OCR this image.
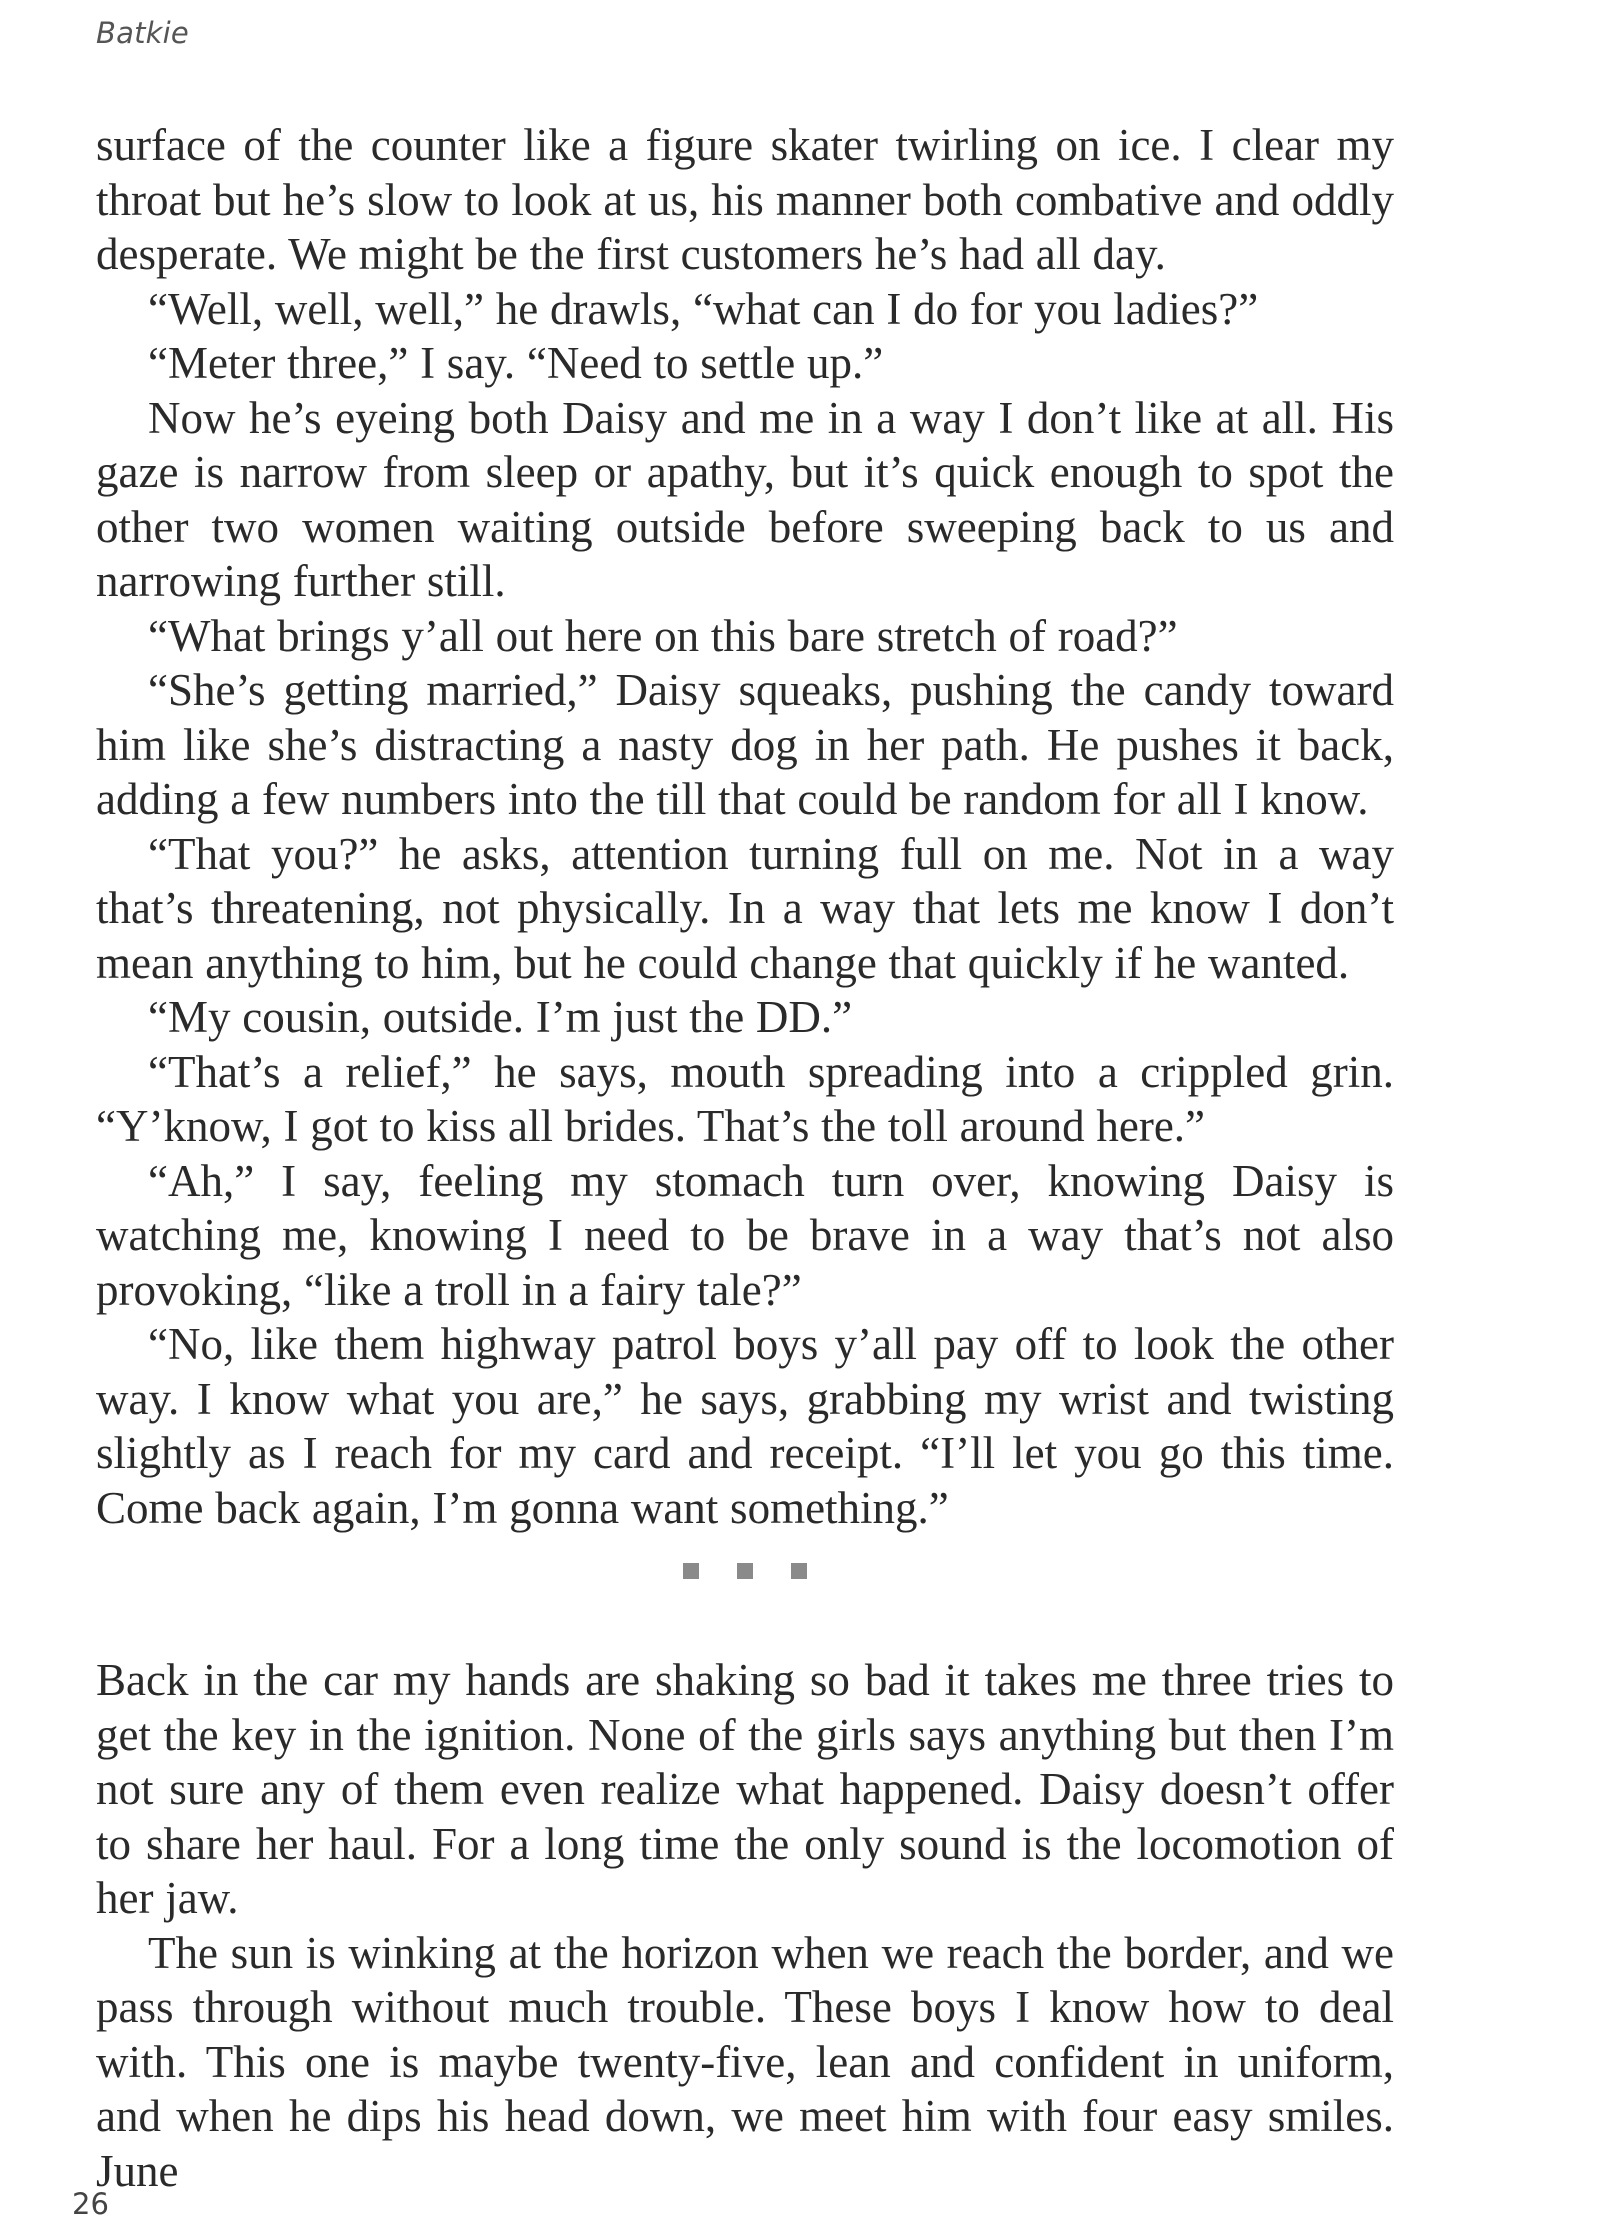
Batkie

surface of the counter like a figure skater twirling on ice. I clear my throat but he’s slow to look at us, his manner both combative and oddly desperate. We might be the first customers he’s had all day.

“Well, well, well,” he drawls, “what can I do for you ladies?”

“Meter three,” I say. “Need to settle up.”

Now he’s eyeing both Daisy and me in a way I don’t like at all. His gaze is narrow from sleep or apathy, but it’s quick enough to spot the other two women waiting outside before sweeping back to us and narrowing further still.

“What brings y’all out here on this bare stretch of road?”

“She’s getting married,” Daisy squeaks, pushing the candy toward him like she’s distracting a nasty dog in her path. He pushes it back, adding a few numbers into the till that could be random for all I know.

“That you?” he asks, attention turning full on me. Not in a way that’s threatening, not physically. In a way that lets me know I don’t mean anything to him, but he could change that quickly if he wanted.

“My cousin, outside. I’m just the DD.”

“That’s a relief,” he says, mouth spreading into a crippled grin. “Y’know, I got to kiss all brides. That’s the toll around here.”

“Ah,” I say, feeling my stomach turn over, knowing Daisy is watching me, knowing I need to be brave in a way that’s not also provoking, “like a troll in a fairy tale?”

“No, like them highway patrol boys y’all pay off to look the other way. I know what you are,” he says, grabbing my wrist and twisting slightly as I reach for my card and receipt. “I’ll let you go this time. Come back again, I’m gonna want something.”

Back in the car my hands are shaking so bad it takes me three tries to get the key in the ignition. None of the girls says anything but then I’m not sure any of them even realize what happened. Daisy doesn’t offer to share her haul. For a long time the only sound is the locomotion of her jaw.

The sun is winking at the horizon when we reach the border, and we pass through without much trouble. These boys I know how to deal with. This one is maybe twenty-five, lean and confident in uniform, and when he dips his head down, we meet him with four easy smiles. June

26
